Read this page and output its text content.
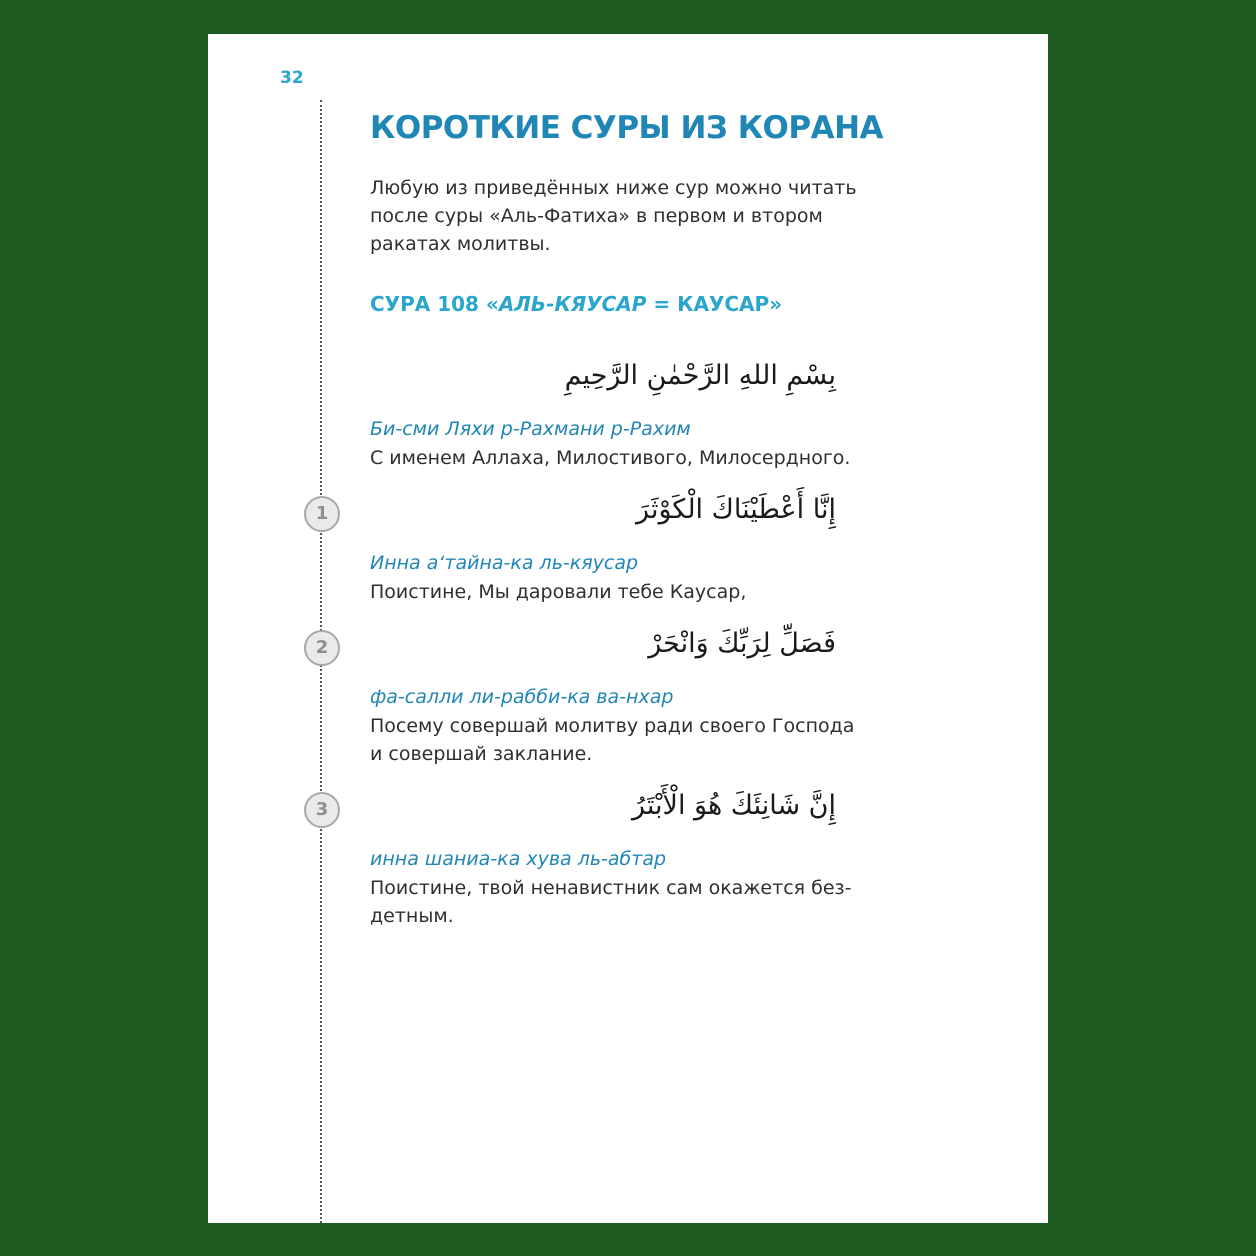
32
КОРОТКИЕ СУРЫ ИЗ КОРАНА
Любую из приведённых ниже сур можно читать
после суры «Аль-Фатиха» в первом и втором
ракатах молитвы.
СУРА 108 «АЛЬ-КЯУСАР = КАУСАР»
بِسْمِ اللهِ الرَّحْمٰنِ الرَّحِيمِ
Би-сми Ляхи р-Рахмани р-Рахим
С именем Аллаха, Милостивого, Милосердного.
1	إِنَّا أَعْطَيْنَاكَ الْكَوْثَرَ
Инна аʻтайна-ка ль-кяусар
Поистине, Мы даровали тебе Каусар,
2	فَصَلِّ لِرَبِّكَ وَانْحَرْ
фа-салли ли-рабби-ка ва-нхар
Посему совершай молитву ради своего Господа
и совершай заклание.
3	إِنَّ شَانِئَكَ هُوَ الْأَبْتَرُ
инна шаниа-ка хува ль-абтар
Поистине, твой ненавистник сам окажется без-
детным.
